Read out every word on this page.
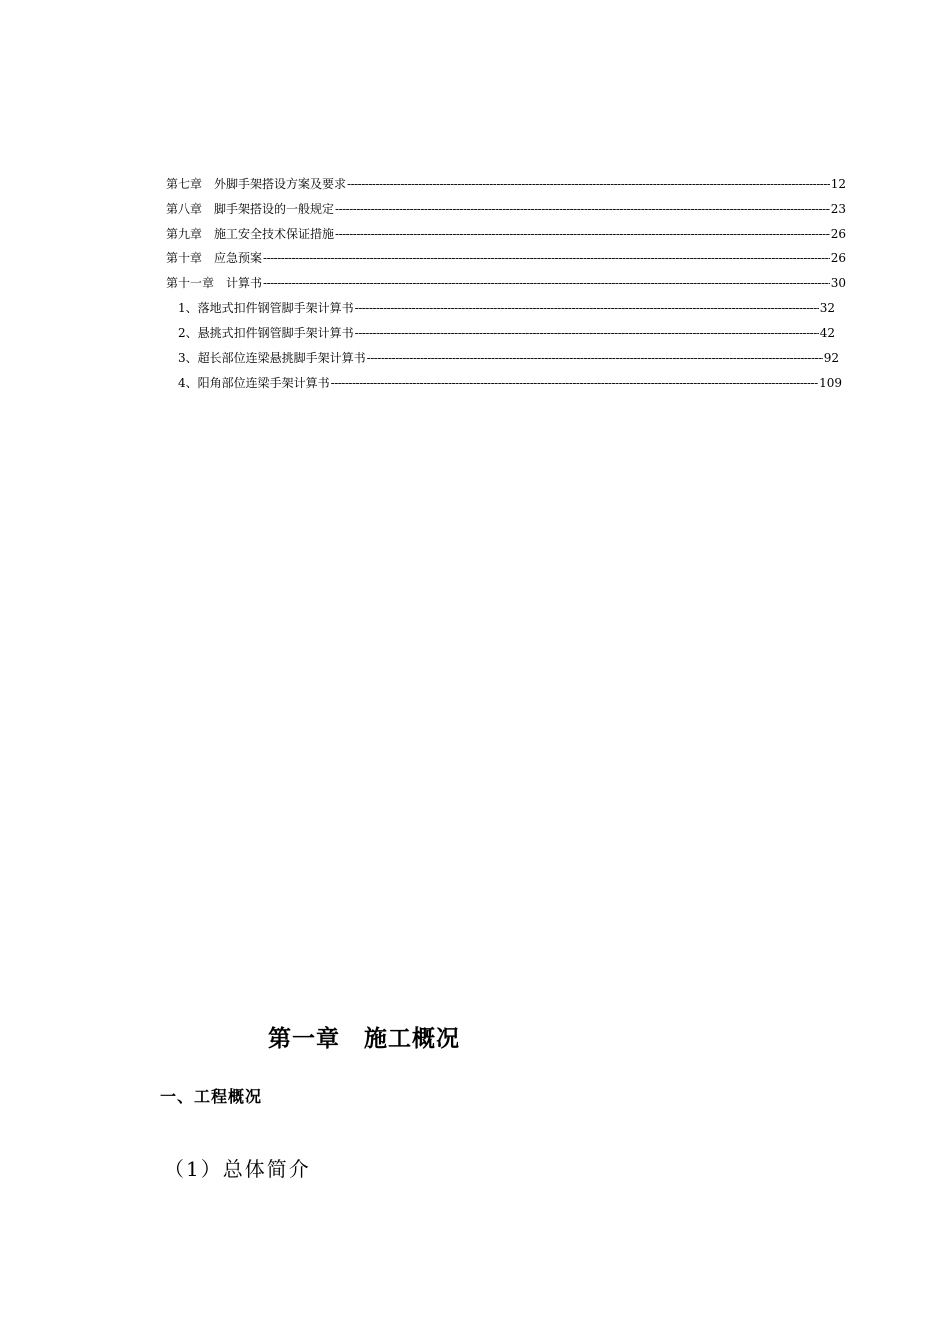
第七章　外脚手架搭设方案及要求 -----	12
第八章　脚手架搭设的一般规定 -----	23
第九章　施工安全技术保证措施 -----	26
第十章　应急预案 -----	26
第十一章　计算书 -----	30
1、落地式扣件钢管脚手架计算书 -----	32
2、悬挑式扣件钢管脚手架计算书 -----	42
3、超长部位连梁悬挑脚手架计算书 -----	92
4、阳角部位连梁手架计算书 -----	109
第一章　施工概况
一、工程概况
（1）总体简介
